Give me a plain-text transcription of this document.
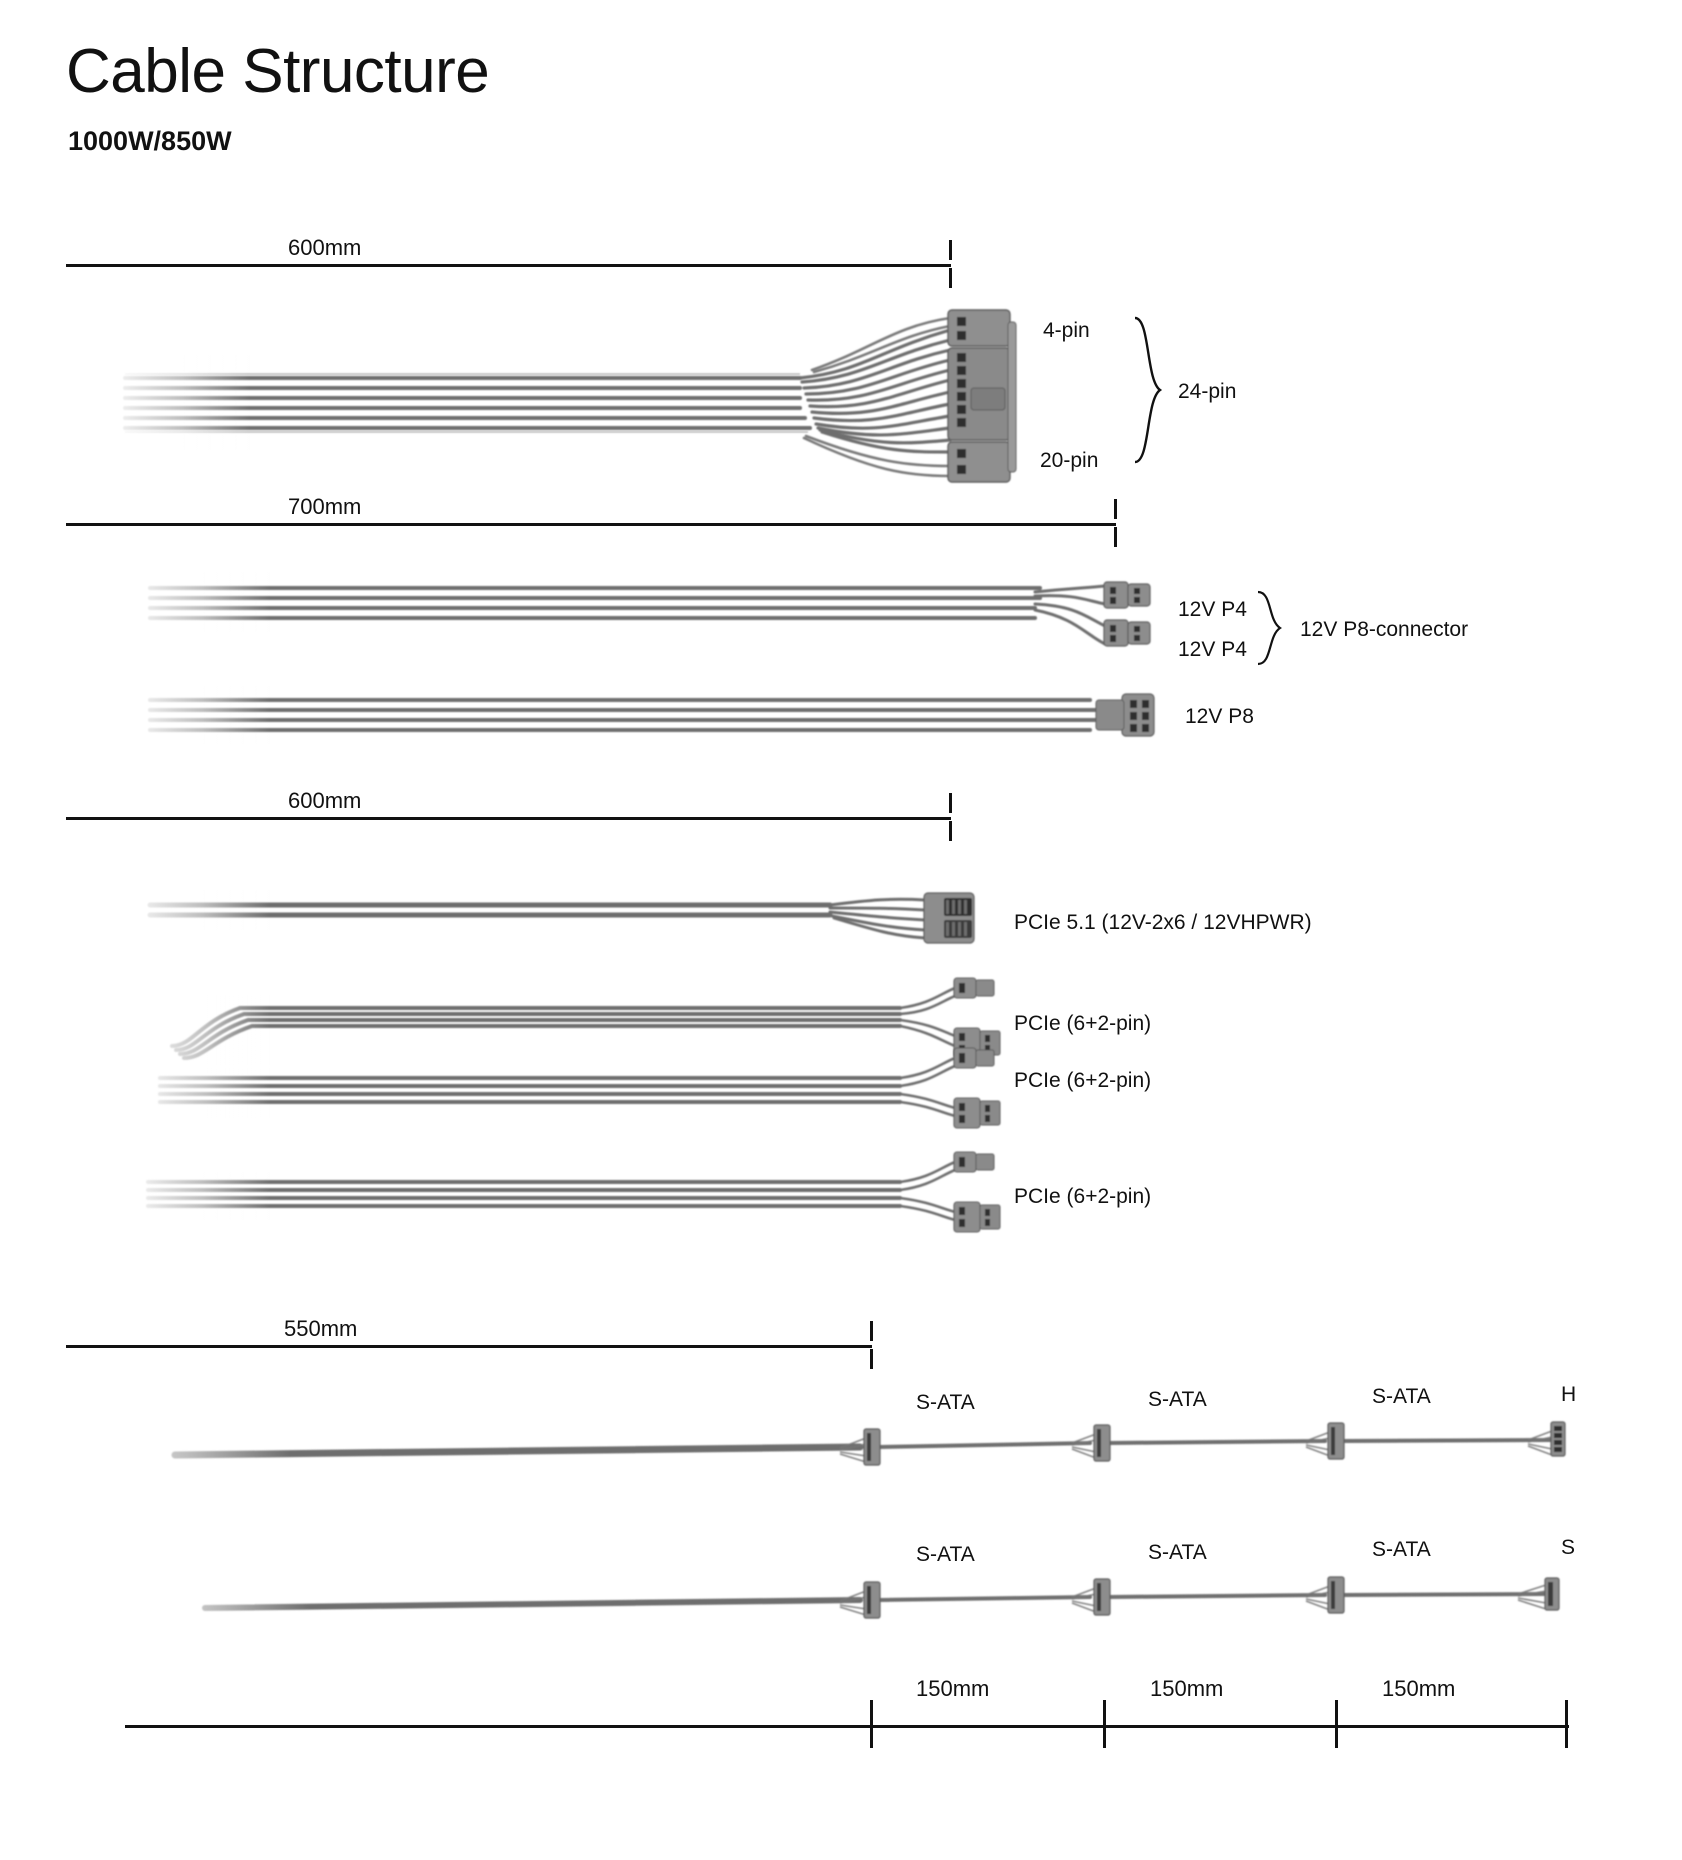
Cable Structure
1000W/850W
600mm
700mm
600mm
550mm
150mm	150mm	150mm
4-pin
20-pin
24-pin
12V P4
12V P4
12V P8-connector
12V P8
PCIe 5.1 (12V-2x6 / 12VHPWR)
PCIe (6+2-pin)
PCIe (6+2-pin)
PCIe (6+2-pin)
S-ATA	S-ATA	S-ATA	H
S-ATA	S-ATA	S-ATA	S
